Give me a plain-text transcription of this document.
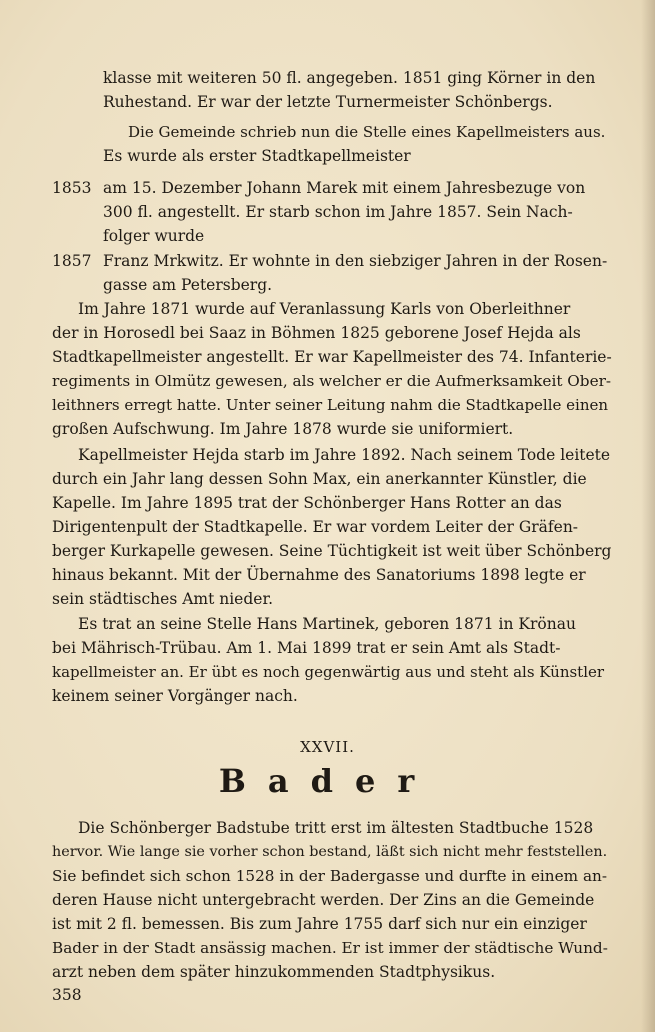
klasse mit weiteren 50 fl. angegeben. 1851 ging Körner in den
Ruhestand. Er war der letzte Turnermeister Schönbergs.
Die Gemeinde schrieb nun die Stelle eines Kapellmeisters aus.
Es wurde als erster Stadtkapellmeister
1853 am 15. Dezember Johann Marek mit einem Jahresbezuge von
300 fl. angestellt. Er starb schon im Jahre 1857. Sein Nach-
folger wurde
1857 Franz Mrkwitz. Er wohnte in den siebziger Jahren in der Rosen-
gasse am Petersberg.
Im Jahre 1871 wurde auf Veranlassung Karls von Oberleithner
der in Horosedl bei Saaz in Böhmen 1825 geborene Josef Hejda als
Stadtkapellmeister angestellt. Er war Kapellmeister des 74. Infanterie-
regiments in Olmütz gewesen, als welcher er die Aufmerksamkeit Ober-
leithners erregt hatte. Unter seiner Leitung nahm die Stadtkapelle einen
großen Aufschwung. Im Jahre 1878 wurde sie uniformiert.
Kapellmeister Hejda starb im Jahre 1892. Nach seinem Tode leitete
durch ein Jahr lang dessen Sohn Max, ein anerkannter Künstler, die
Kapelle. Im Jahre 1895 trat der Schönberger Hans Rotter an das
Dirigentenpult der Stadtkapelle. Er war vordem Leiter der Gräfen-
berger Kurkapelle gewesen. Seine Tüchtigkeit ist weit über Schönberg
hinaus bekannt. Mit der Übernahme des Sanatoriums 1898 legte er
sein städtisches Amt nieder.
Es trat an seine Stelle Hans Martinek, geboren 1871 in Krönau
bei Mährisch-Trübau. Am 1. Mai 1899 trat er sein Amt als Stadt-
kapellmeister an. Er übt es noch gegenwärtig aus und steht als Künstler
keinem seiner Vorgänger nach.
XXVII.
Bader
Die Schönberger Badstube tritt erst im ältesten Stadtbuche 1528
hervor. Wie lange sie vorher schon bestand, läßt sich nicht mehr feststellen.
Sie befindet sich schon 1528 in der Badergasse und durfte in einem an-
deren Hause nicht untergebracht werden. Der Zins an die Gemeinde
ist mit 2 fl. bemessen. Bis zum Jahre 1755 darf sich nur ein einziger
Bader in der Stadt ansässig machen. Er ist immer der städtische Wund-
arzt neben dem später hinzukommenden Stadtphysikus.
358
